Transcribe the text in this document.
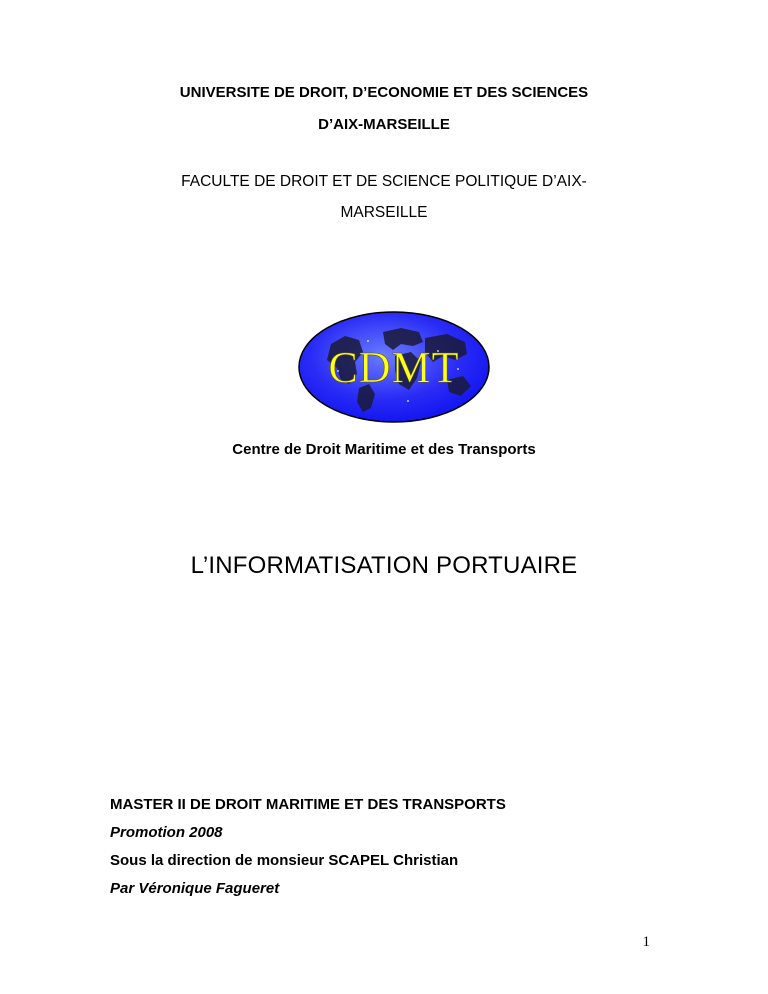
UNIVERSITE DE DROIT, D’ECONOMIE ET DES SCIENCES
D’AIX-MARSEILLE
FACULTE DE DROIT ET DE SCIENCE POLITIQUE D’AIX-
MARSEILLE
CDMT
Centre de Droit Maritime et des Transports
L’INFORMATISATION PORTUAIRE
MASTER II DE DROIT MARITIME ET DES TRANSPORTS
Promotion 2008
Sous la direction de monsieur SCAPEL Christian
Par Véronique Fagueret
1
